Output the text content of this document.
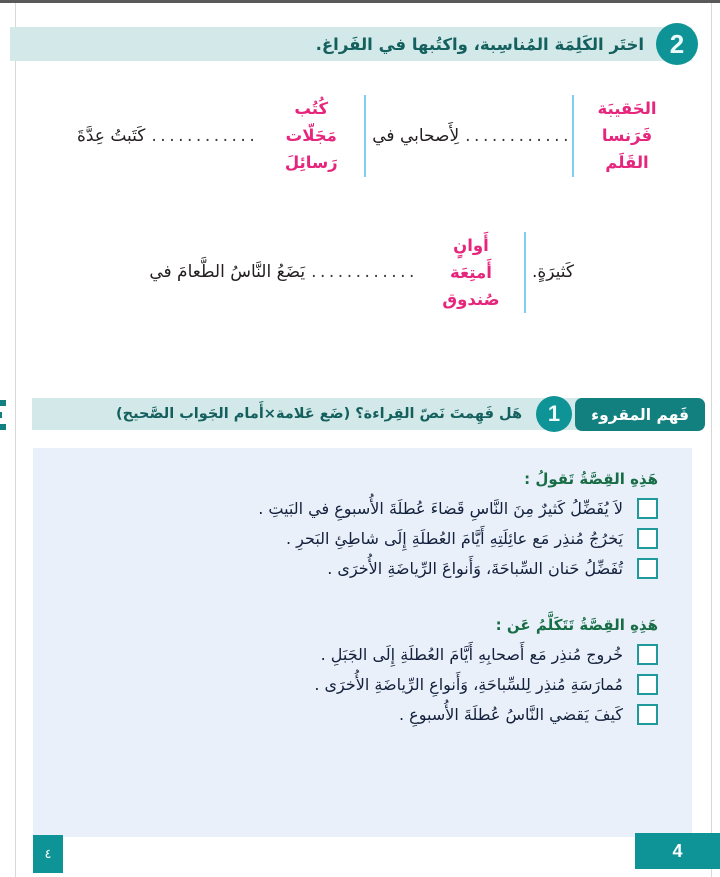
اختَر الكَلِمَة المُناسِبة، واكتُبها في الفَراغ. 2
الحَقيبَة
فَرَنسا
القَلَم
............
لِأَصحابي في
كُتُب
مَجَلّات
رَسائِلَ
............
كَتَبتُ عِدَّةَ
كَثيرَةٍ.
أَوانٍ
أَمتِعَة
صُندوق
............
يَضَعُ النَّاسُ الطَّعامَ في
هَل فَهِمتَ نَصّ القِراءة؟ (ضَع عَلامة×أَمام الجَواب الصَّحيح)	1	فَهم المقروء
هَذِهِ القِصَّةُ تَقولُ :
لاَ يُفَضِّلُ كَثيرٌ مِنَ النَّاسِ قَضاءَ عُطلَةَ الأُسبوعِ في البَيتِ .
يَخرُجُ مُنذِر مَع عائِلَتِهِ أَيَّامَ العُطلَةِ إِلَى شاطِئِ البَحرِ .
تُفَضِّلُ حَنان السِّباحَةَ، وَأَنواعَ الرِّياضَةِ الأُخرَى .
هَذِهِ القِصَّةُ تَتَكَلَّمُ عَن :
خُروج مُنذِر مَع أَصحابِهِ أَيَّامَ العُطلَةِ إِلَى الجَبَلِ .
مُمارَسَةِ مُنذِر لِلسِّباحَةِ، وَأَنواعِ الرِّياضَةِ الأُخرَى .
كَيفَ يَقضي النَّاسُ عُطلَةَ الأُسبوعِ .
٤	4
